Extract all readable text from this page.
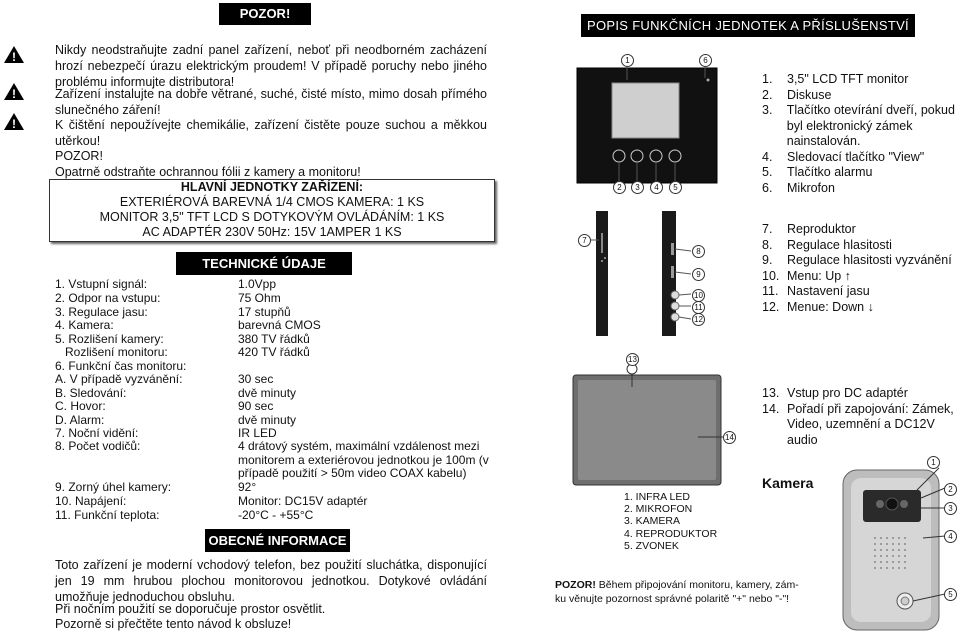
POZOR!
!
!
!
Nikdy neodstraňujte zadní panel zařízení, neboť při neodborném zacházení hrozí nebezpečí úrazu elektrickým proudem! V případě poruchy nebo jiného problému informujte distributora!
Zařízení instalujte na dobře větrané, suché, čisté místo, mimo dosah přímého slunečného záření!
K čištění nepoužívejte chemikálie, zařízení čistěte pouze suchou a měkkou utěrkou!
POZOR!
Opatrně odstraňte ochrannou fólii z kamery a monitoru!
HLAVNÍ JEDNOTKY ZAŘÍZENÍ:
EXTERIÉROVÁ BAREVNÁ 1/4 CMOS KAMERA: 1 KS
MONITOR 3,5" TFT LCD S DOTYKOVÝM OVLÁDÁNÍM: 1 KS
AC ADAPTÉR 230V 50Hz: 15V 1AMPER 1 KS
TECHNICKÉ ÚDAJE
1. Vstupní signál:	1.0Vpp
2. Odpor na vstupu:	75 Ohm
3. Regulace jasu:	17 stupňů
4. Kamera:	barevná CMOS
5. Rozlišení kamery:	380 TV řádků
Rozlišení monitoru:	420 TV řádků
6. Funkční čas monitoru:
A. V případě vyzvánění:	30 sec
B. Sledování:	dvě minuty
C. Hovor:	90 sec
D. Alarm:	dvě minuty
7. Noční vidění:	IR LED
8. Počet vodičů:	4 drátový systém, maximální vzdálenost mezi
monitorem a exteriérovou jednotkou je 100m (v
případě použití > 50m video COAX kabelu)
9. Zorný úhel kamery:	92°
10. Napájení:	Monitor: DC15V adaptér
11. Funkční teplota:	-20°C - +55°C
OBECNÉ INFORMACE
Toto zařízení je moderní vchodový telefon, bez použití sluchátka, disponující jen 19 mm hrubou plochou monitorovou jednotkou. Dotykové ovládání umožňuje jednoduchou obsluhu.
Při nočním použití se doporučuje prostor osvětlit.
Pozorně si přečtěte tento návod k obsluze!
POPIS FUNKČNÍCH JEDNOTEK A PŘÍSLUŠENSTVÍ
1	6
2	3	4	5
7
8
9
10
11
12
13
14
1. INFRA LED
2. MIKROFON
3. KAMERA
4. REPRODUKTOR
5. ZVONEK
POZOR! Během připojování monitoru, kamery, zám-
ku věnujte pozornost správné polaritě "+" nebo "-"!
1.	3,5" LCD TFT monitor
2.	Diskuse
3.	Tlačítko otevírání dveří, pokud byl elektronický zámek nainstalován.
4.	Sledovací tlačítko "View"
5.	Tlačítko alarmu
6.	Mikrofon
7.	Reproduktor
8.	Regulace hlasitosti
9.	Regulace hlasitosti vyzvánění
10. Menu: Up ↑
11. Nastavení jasu
12. Menue: Down ↓
13. Vstup pro DC adaptér
14. Pořadí při zapojování: Zámek, Video, uzemnění a DC12V audio
Kamera
1
2
3
4
5
